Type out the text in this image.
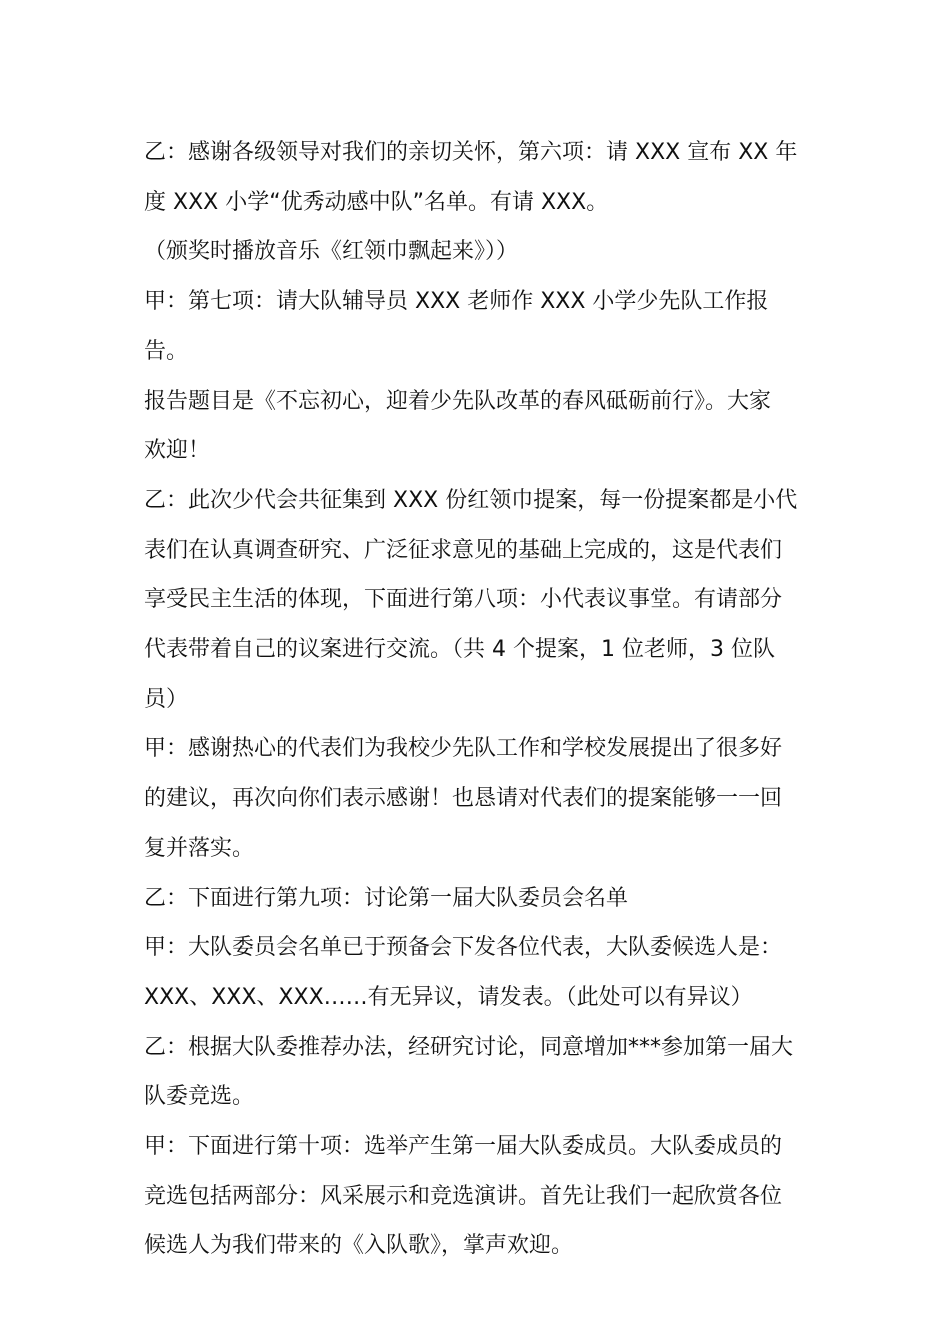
乙：感谢各级领导对我们的亲切关怀，第六项：请 XXX 宣布 XX 年
度 XXX 小学“优秀动感中队”名单。有请 XXX。

（颁奖时播放音乐《红领巾飘起来》））

甲：第七项：请大队辅导员 XXX 老师作 XXX 小学少先队工作报告。
报告题目是《不忘初心，迎着少先队改革的春风砥砺前行》。大家
欢迎！

乙：此次少代会共征集到 XXX 份红领巾提案，每一份提案都是小代
表们在认真调查研究、广泛征求意见的基础上完成的，这是代表们
享受民主生活的体现，下面进行第八项：小代表议事堂。有请部分
代表带着自己的议案进行交流。（共 4 个提案，1 位老师，3 位队
员）

甲：感谢热心的代表们为我校少先队工作和学校发展提出了很多好
的建议，再次向你们表示感谢！也恳请对代表们的提案能够一一回
复并落实。

乙：下面进行第九项：讨论第一届大队委员会名单

甲：大队委员会名单已于预备会下发各位代表，大队委候选人是：
XXX、XXX、XXX……有无异议，请发表。（此处可以有异议）

乙：根据大队委推荐办法，经研究讨论，同意增加***参加第一届大
队委竞选。

甲：下面进行第十项：选举产生第一届大队委成员。大队委成员的
竞选包括两部分：风采展示和竞选演讲。首先让我们一起欣赏各位
候选人为我们带来的《入队歌》，掌声欢迎。
